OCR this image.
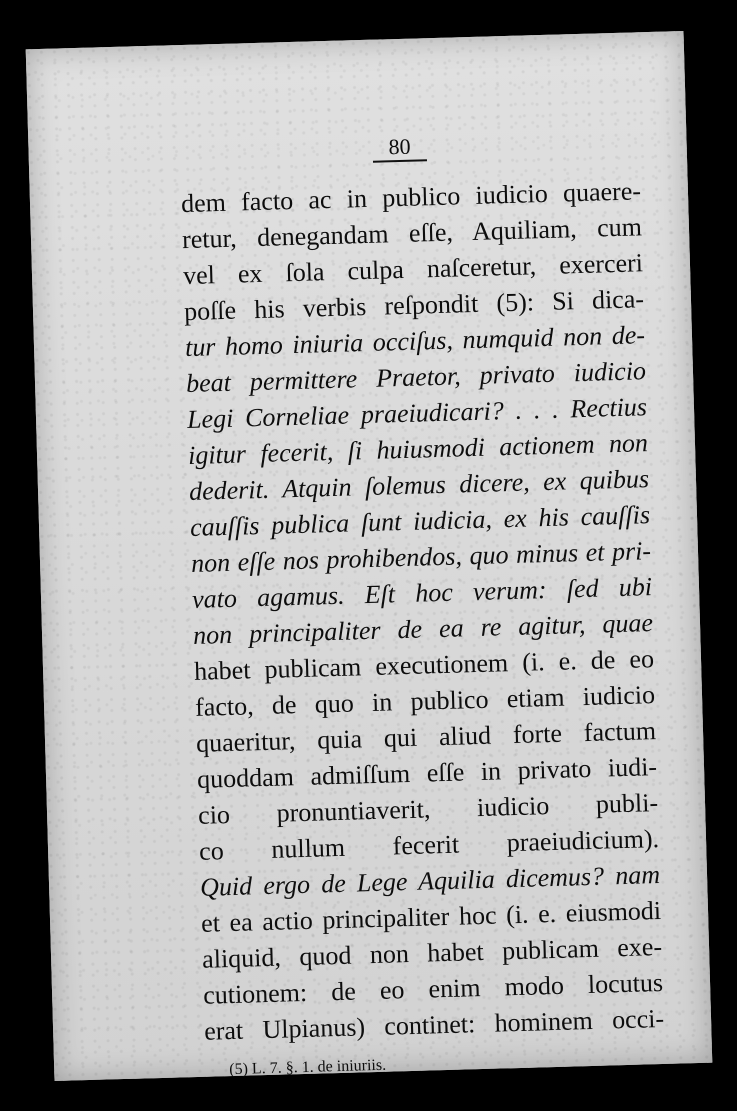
80
dem facto ac in publico iudicio quaere-
retur, denegandam eſſe, Aquiliam, cum
vel ex ſola culpa naſceretur, exerceri
poſſe his verbis reſpondit (5): Si dica-
tur homo iniuria occiſus, numquid non de-
beat permittere Praetor, privato iudicio
Legi Corneliae praeiudicari? . . . Rectius
igitur fecerit, ſi huiusmodi actionem non
dederit. Atquin ſolemus dicere, ex quibus
cauſſis publica ſunt iudicia, ex his cauſſis
non eſſe nos prohibendos, quo minus et pri-
vato agamus. Eſt hoc verum: ſed ubi
non principaliter de ea re agitur, quae
habet publicam executionem (i. e. de eo
facto, de quo in publico etiam iudicio
quaeritur, quia qui aliud forte factum
quoddam admiſſum eſſe in privato iudi-
cio pronuntiaverit, iudicio publi-
co nullum fecerit praeiudicium).
Quid ergo de Lege Aquilia dicemus? nam
et ea actio principaliter hoc (i. e. eiusmodi
aliquid, quod non habet publicam exe-
cutionem: de eo enim modo locutus
erat Ulpianus) continet: hominem occi-
(5) L. 7. §. 1. de iniuriis.
